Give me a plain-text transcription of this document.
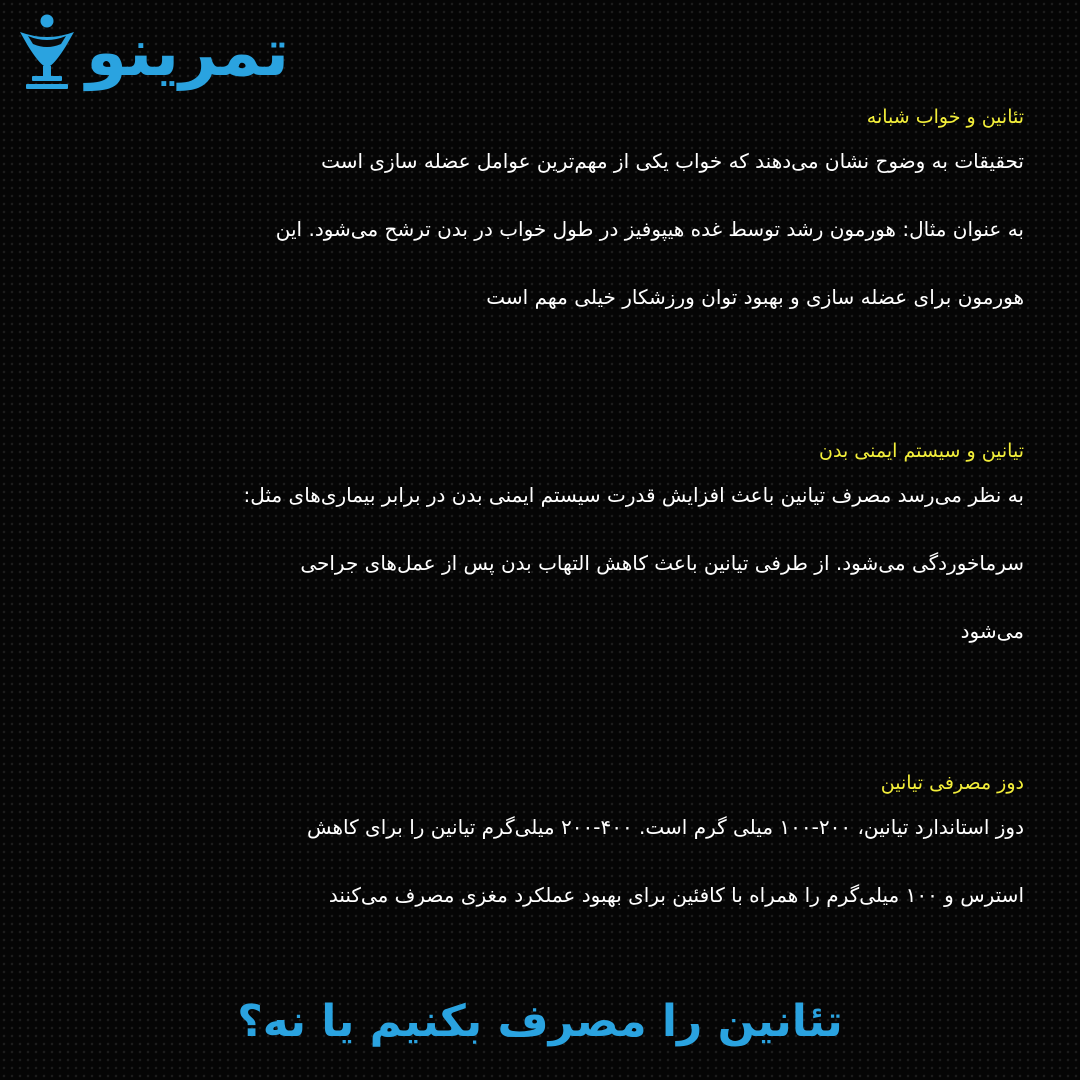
تمرینو
تئانین و خواب شبانه

تحقیقات به وضوح نشان می‌دهند که خواب یکی از مهم‌ترین عوامل عضله سازی است

به عنوان مثال: هورمون رشد توسط غده هیپوفیز در طول خواب در بدن ترشح می‌شود. این

هورمون برای عضله سازی و بهبود توان ورزشکار خیلی مهم است

تیانین و سیستم ایمنی بدن

به نظر می‌رسد مصرف تیانین باعث افزایش قدرت سیستم ایمنی بدن در برابر بیماری‌های مثل:

سرماخوردگی می‌شود. از طرفی تیانین باعث کاهش التهاب بدن پس از عمل‌های جراحی

می‌شود

دوز مصرفی تیانین

دوز استاندارد تیانین، ۲۰۰-۱۰۰ میلی گرم است. ۴۰۰-۲۰۰ میلی‌گرم تیانین را برای کاهش

استرس و ۱۰۰ میلی‌گرم را همراه با کافئین برای بهبود عملکرد مغزی مصرف می‌کنند

تئانین را مصرف بکنیم یا نه؟
